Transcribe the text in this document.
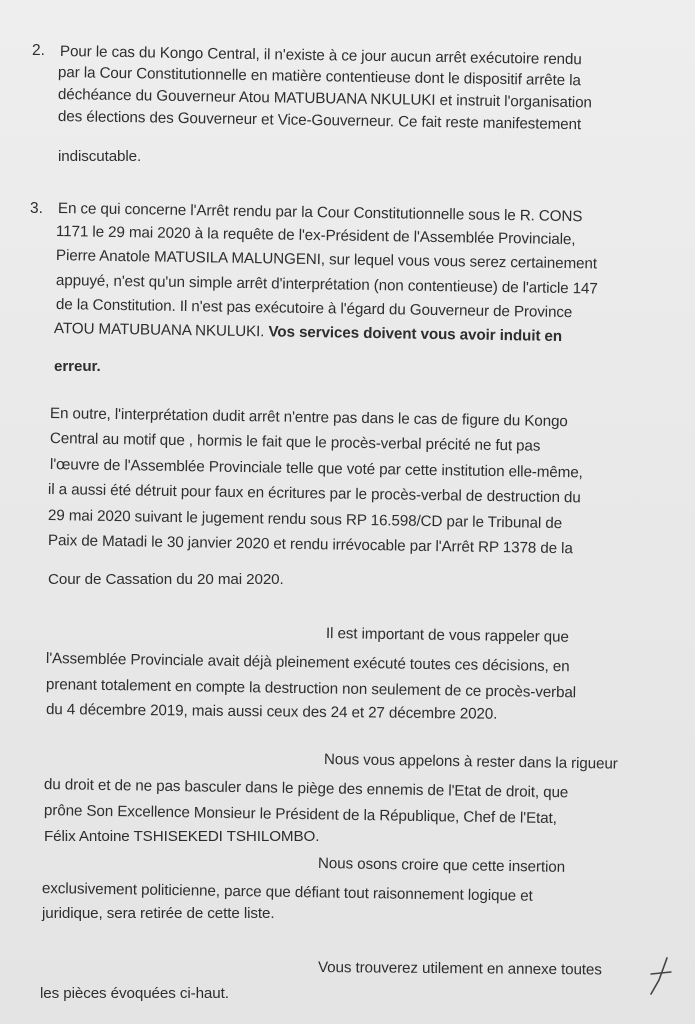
2. Pour le cas du Kongo Central, il n'existe à ce jour aucun arrêt exécutoire rendu
par la Cour Constitutionnelle en matière contentieuse dont le dispositif arrête la
déchéance du Gouverneur Atou MATUBUANA NKULUKI et instruit l'organisation
des élections des Gouverneur et Vice-Gouverneur. Ce fait reste manifestement
indiscutable.
3. En ce qui concerne l'Arrêt rendu par la Cour Constitutionnelle sous le R. CONS
1171 le 29 mai 2020 à la requête de l'ex-Président de l'Assemblée Provinciale,
Pierre Anatole MATUSILA MALUNGENI, sur lequel vous vous serez certainement
appuyé, n'est qu'un simple arrêt d'interprétation (non contentieuse) de l'article 147
de la Constitution. Il n'est pas exécutoire à l'égard du Gouverneur de Province
ATOU MATUBUANA NKULUKI. Vos services doivent vous avoir induit en
erreur.
En outre, l'interprétation dudit arrêt n'entre pas dans le cas de figure du Kongo
Central au motif que , hormis le fait que le procès-verbal précité ne fut pas
l'œuvre de l'Assemblée Provinciale telle que voté par cette institution elle-même,
il a aussi été détruit pour faux en écritures par le procès-verbal de destruction du
29 mai 2020 suivant le jugement rendu sous RP 16.598/CD par le Tribunal de
Paix de Matadi le 30 janvier 2020 et rendu irrévocable par l'Arrêt RP 1378 de la
Cour de Cassation du 20 mai 2020.
Il est important de vous rappeler que
l'Assemblée Provinciale avait déjà pleinement exécuté toutes ces décisions, en
prenant totalement en compte la destruction non seulement de ce procès-verbal
du 4 décembre 2019, mais aussi ceux des 24 et 27 décembre 2020.
Nous vous appelons à rester dans la rigueur
du droit et de ne pas basculer dans le piège des ennemis de l'Etat de droit, que
prône Son Excellence Monsieur le Président de la République, Chef de l'Etat,
Félix Antoine TSHISEKEDI TSHILOMBO.
Nous osons croire que cette insertion
exclusivement politicienne, parce que défiant tout raisonnement logique et
juridique, sera retirée de cette liste.
Vous trouverez utilement en annexe toutes
les pièces évoquées ci-haut.
